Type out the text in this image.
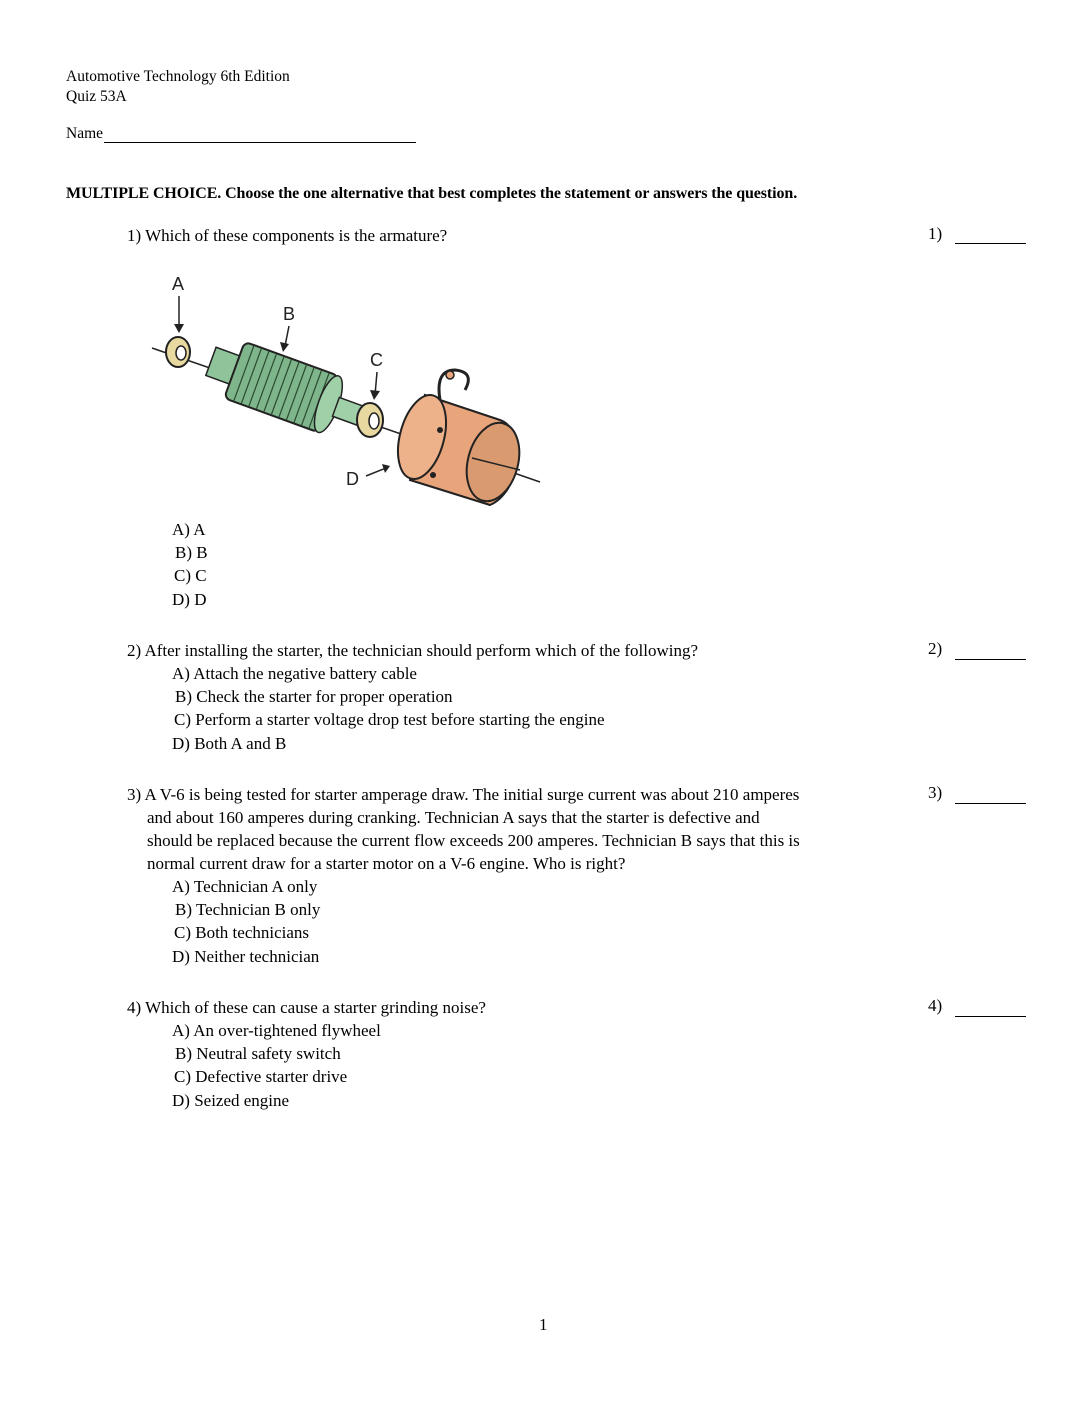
Automotive Technology 6th Edition
Quiz 53A
Name
MULTIPLE CHOICE. Choose the one alternative that best completes the statement or answers the question.
1) Which of these components is the armature?	1)
A
B
C
D
A) A
B) B
C) C
D) D
2) After installing the starter, the technician should perform which of the following?	2)
A) Attach the negative battery cable
B) Check the starter for proper operation
C) Perform a starter voltage drop test before starting the engine
D) Both A and B
3) A V-6 is being tested for starter amperage draw. The initial surge current was about 210 amperes
and about 160 amperes during cranking. Technician A says that the starter is defective and
should be replaced because the current flow exceeds 200 amperes. Technician B says that this is
normal current draw for a starter motor on a V-6 engine. Who is right?
3)
A) Technician A only
B) Technician B only
C) Both technicians
D) Neither technician
4) Which of these can cause a starter grinding noise?	4)
A) An over-tightened flywheel
B) Neutral safety switch
C) Defective starter drive
D) Seized engine
1
